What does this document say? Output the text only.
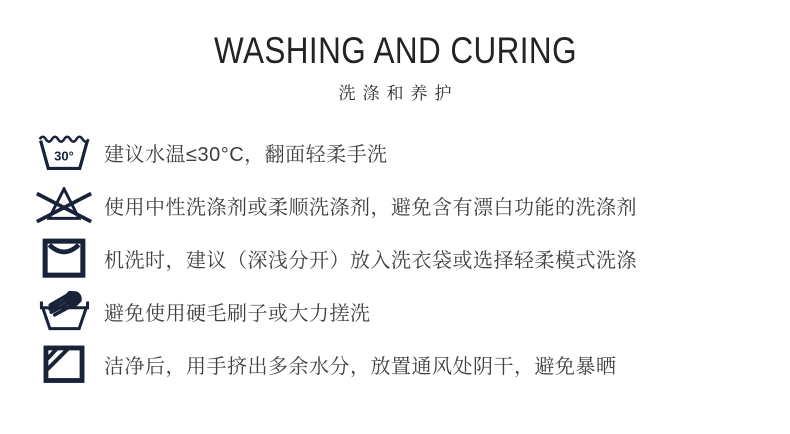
WASHING AND CURING
洗涤和养护
30° 建议水温≤30°C，翻面轻柔手洗
使用中性洗涤剂或柔顺洗涤剂，避免含有漂白功能的洗涤剂
机洗时，建议（深浅分开）放入洗衣袋或选择轻柔模式洗涤
避免使用硬毛刷子或大力搓洗
洁净后，用手挤出多余水分，放置通风处阴干，避免暴晒
